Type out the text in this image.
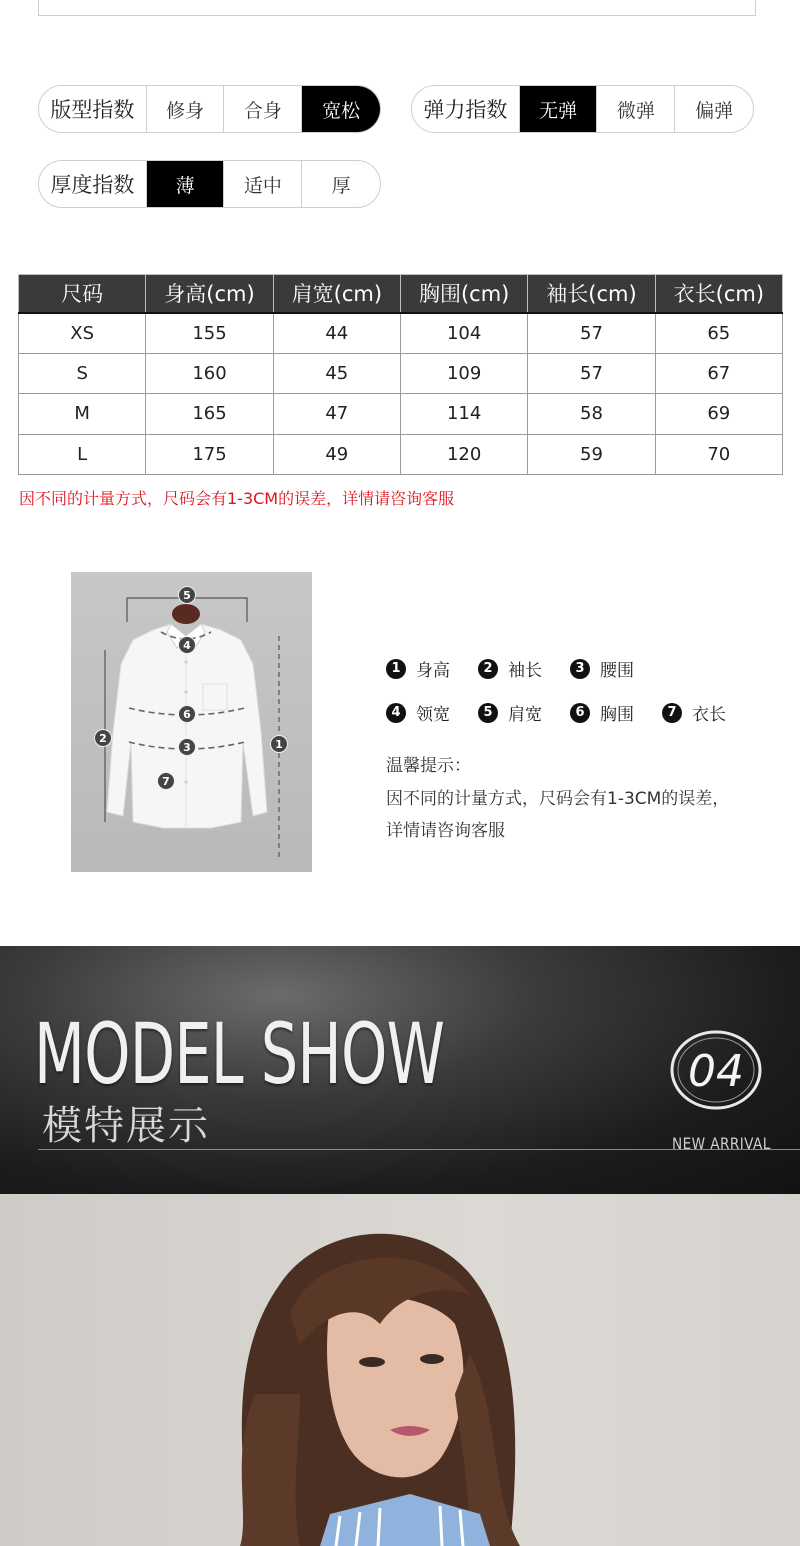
版型指数	修身	合身	宽松	弹力指数	无弹	微弹	偏弹
厚度指数	薄	适中	厚
尺码	身高(cm)	肩宽(cm)	胸围(cm)	袖长(cm)	衣长(cm)
XS	155	44	104	57	65
S	160	45	109	57	67
M	165	47	114	58	69
L	175	49	120	59	70
因不同的计量方式，尺码会有1-3CM的误差，详情请咨询客服
5
4
6
3
7
2	1
1 身高	2 袖长	3 腰围
4 领宽	5 肩宽	6 胸围	7 衣长
温馨提示：
因不同的计量方式，尺码会有1-3CM的误差，
详情请咨询客服
MODEL SHOW
模特展示
04
NEW ARRIVAL
